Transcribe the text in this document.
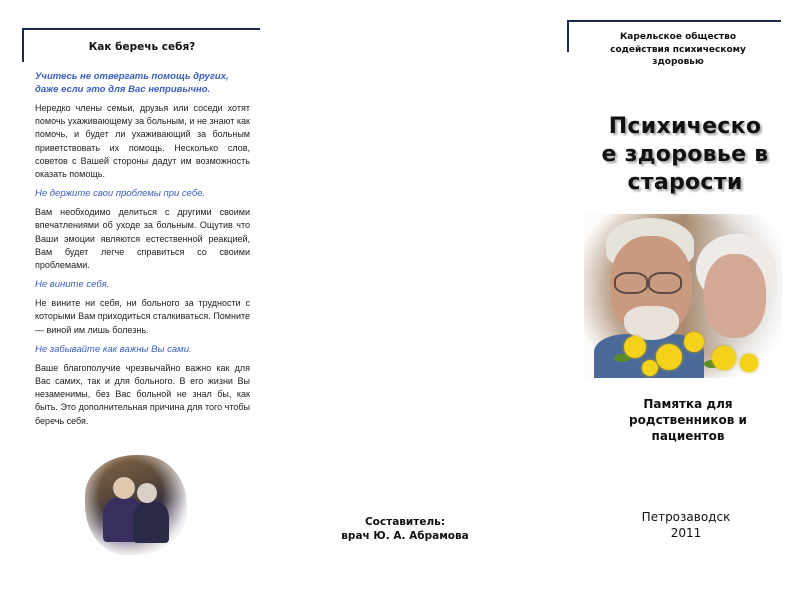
Как беречь себя?

Учитесь не отвергать помощь других, даже если это для Вас непривычно.

Нередко члены семьи, друзья или соседи хотят помочь ухаживающему за больным, и не знают как помочь, и будет ли ухаживающий за больным приветствовать их помощь. Несколько слов, советов с Вашей стороны дадут им возможность оказать помощь.

Не держите свои проблемы при себе.

Вам необходимо делиться с другими своими впечатлениями об уходе за больным. Ощутив что Ваши эмоции являются естественной реакцией, Вам будет легче справиться со своими проблемами.

Не вините себя.

Не вините ни себя, ни больного за трудности с которыми Вам приходиться сталкиваться. Помните — виной им лишь болезнь.

Не забывайте как важны Вы сами.

Ваше благополучие чрезвычайно важно как для Вас самих, так и для больного. В его жизни Вы незаменимы, без Вас больной не знал бы, как быть. Это дополнительная причина для того чтобы беречь себя.

Составитель:
врач Ю. А. Абрамова
Карельское общество
содействия психическому
здоровью
Психическо
е здоровье в
старости
Памятка для
родственников и
пациентов
Петрозаводск
2011
